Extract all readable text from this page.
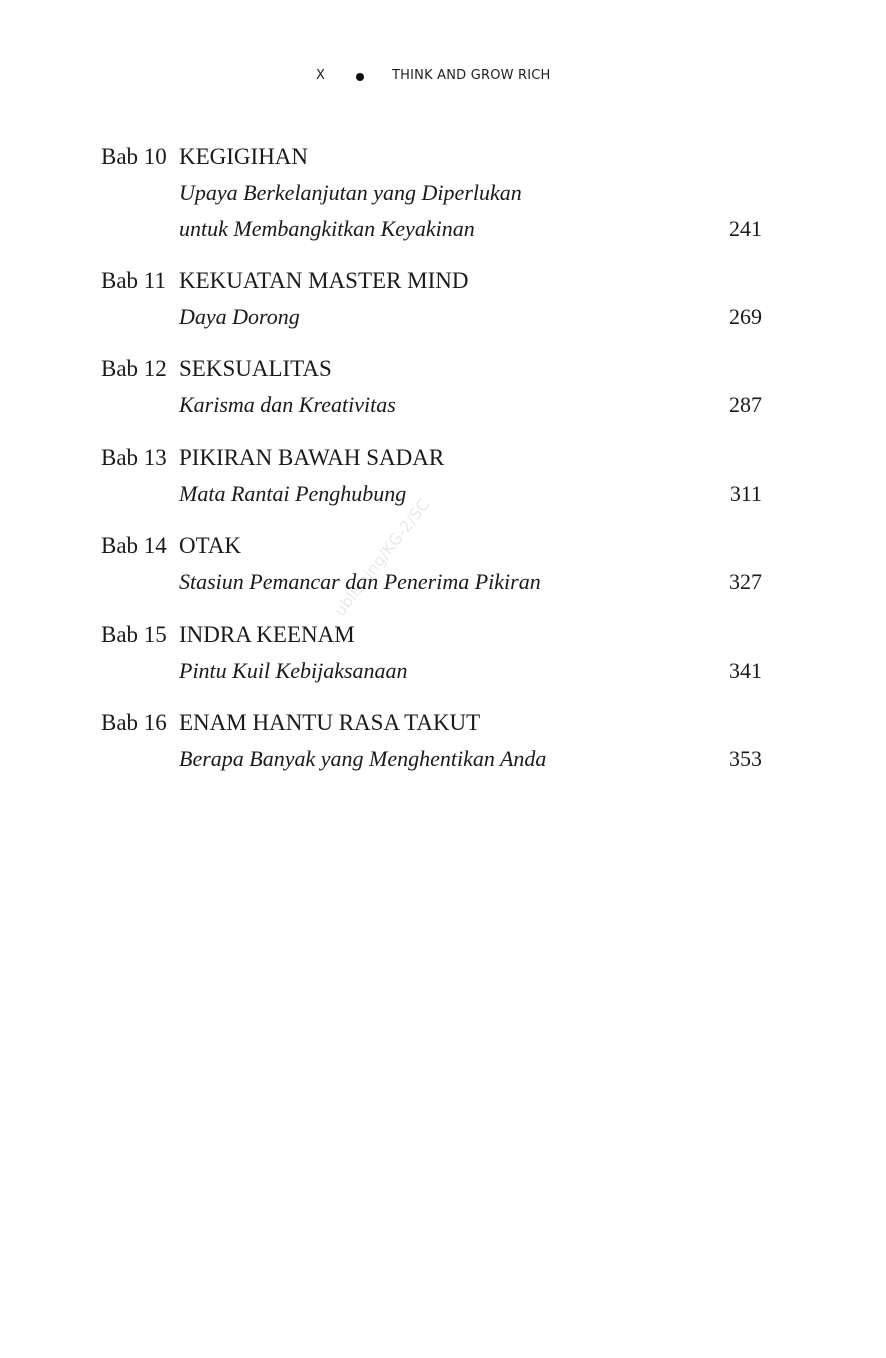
X	THINK AND GROW RICH
Bab 10 KEGIGIHAN
Upaya Berkelanjutan yang Diperlukan
untuk Membangkitkan Keyakinan	241
Bab 11 KEKUATAN MASTER MIND
Daya Dorong	269
Bab 12 SEKSUALITAS
Karisma dan Kreativitas	287
Bab 13 PIKIRAN BAWAH SADAR
Mata Rantai Penghubung	311
Bab 14 OTAK
Stasiun Pemancar dan Penerima Pikiran	327
Bab 15 INDRA KEENAM
Pintu Kuil Kebijaksanaan	341
Bab 16 ENAM HANTU RASA TAKUT
Berapa Banyak yang Menghentikan Anda	353
ublishing/KG-2/SC
